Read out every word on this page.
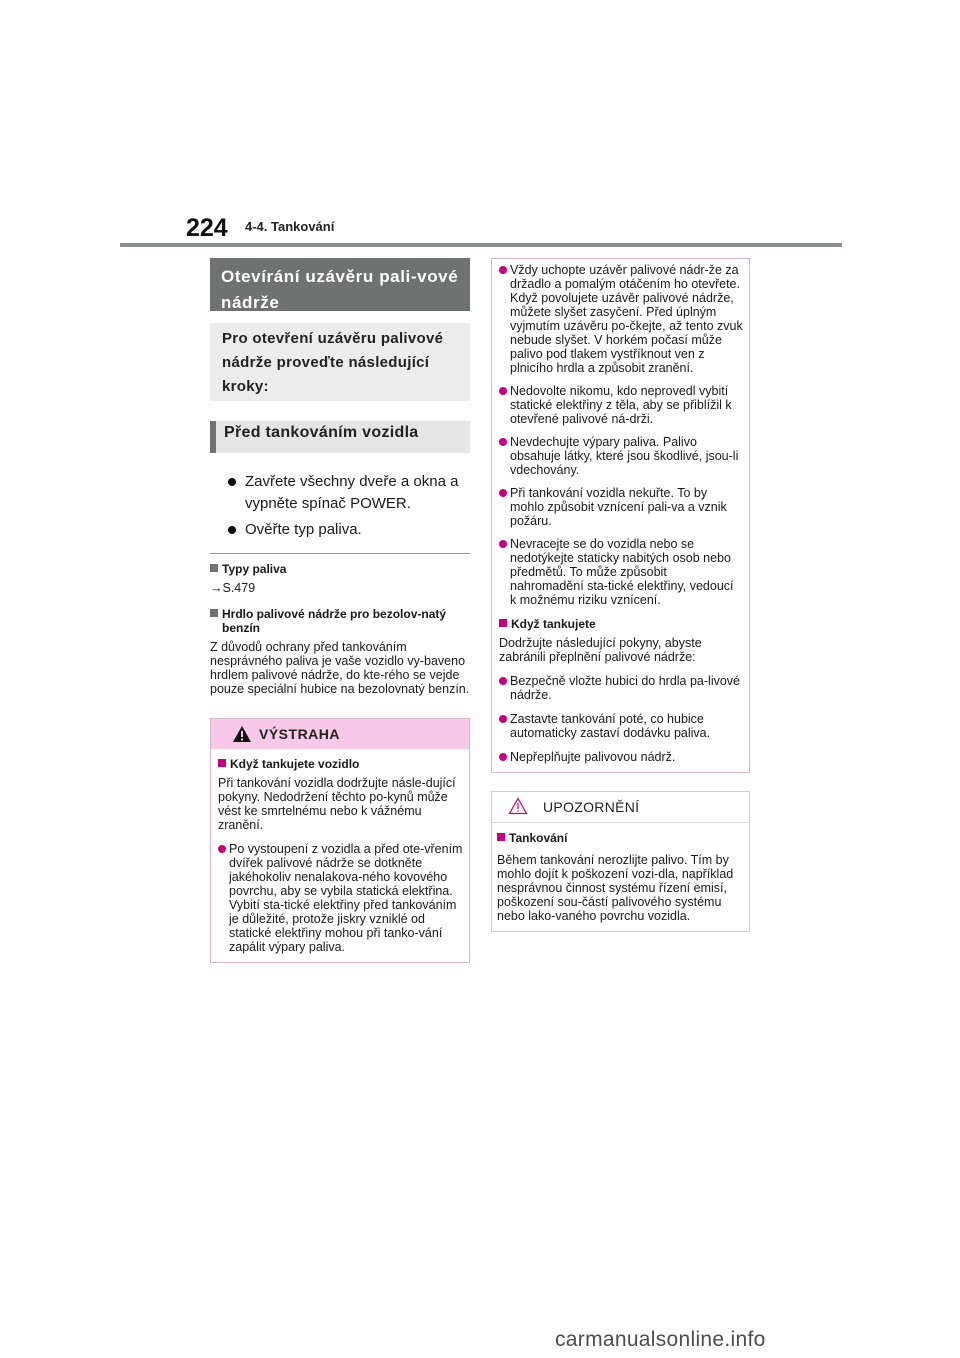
224 4-4. Tankování
Otevírání uzávěru pali-vové nádrže
Pro otevření uzávěru palivové nádrže proveďte následující kroky:
Před tankováním vozidla
Zavřete všechny dveře a okna a vypněte spínač POWER.
Ověřte typ paliva.
Typy paliva
→S.479
Hrdlo palivové nádrže pro bezolov-natý benzín
Z důvodů ochrany před tankováním nesprávného paliva je vaše vozidlo vy-baveno hrdlem palivové nádrže, do kte-rého se vejde pouze speciální hubice na bezolovnatý benzín.
VÝSTRAHA
Když tankujete vozidlo
Při tankování vozidla dodržujte násle-dující pokyny. Nedodržení těchto po-kynů může vést ke smrtelnému nebo k vážnému zranění.
Po vystoupení z vozidla a před ote-vřením dvířek palivové nádrže se dotkněte jakéhokoliv nenalakova-ného kovového povrchu, aby se vybila statická elektřina. Vybití sta-tické elektřiny před tankováním je důležité, protože jiskry vzniklé od statické elektřiny mohou při tanko-vání zapálit výpary paliva.
Vždy uchopte uzávěr palivové nádr-že za držadlo a pomalým otáčením ho otevřete. Když povolujete uzávěr palivové nádrže, můžete slyšet zasyčení. Před úplným vyjmutím uzávěru po-čkejte, až tento zvuk nebude slyšet. V horkém počasí může palivo pod tlakem vystříknout ven z plnicího hrdla a způsobit zranění.
Nedovolte nikomu, kdo neprovedl vybití statické elektřiny z těla, aby se přiblížil k otevřené palivové ná-drži.
Nevdechujte výpary paliva. Palivo obsahuje látky, které jsou škodlivé, jsou-li vdechovány.
Při tankování vozidla nekuřte. To by mohlo způsobit vznícení pali-va a vznik požáru.
Nevracejte se do vozidla nebo se nedotýkejte staticky nabitých osob nebo předmětů. To může způsobit nahromadění sta-tické elektřiny, vedoucí k možnému riziku vznícení.
Když tankujete
Dodržujte následující pokyny, abyste zabránili přeplnění palivové nádrže:
Bezpečně vložte hubici do hrdla pa-livové nádrže.
Zastavte tankování poté, co hubice automaticky zastaví dodávku paliva.
Nepřeplňujte palivovou nádrž.
UPOZORNĚNÍ
Tankování
Během tankování nerozlijte palivo. Tím by mohlo dojít k poškození vozi-dla, například nesprávnou činnost systému řízení emisí, poškození sou-částí palivového systému nebo lako-vaného povrchu vozidla.
carmanualsonline.info
